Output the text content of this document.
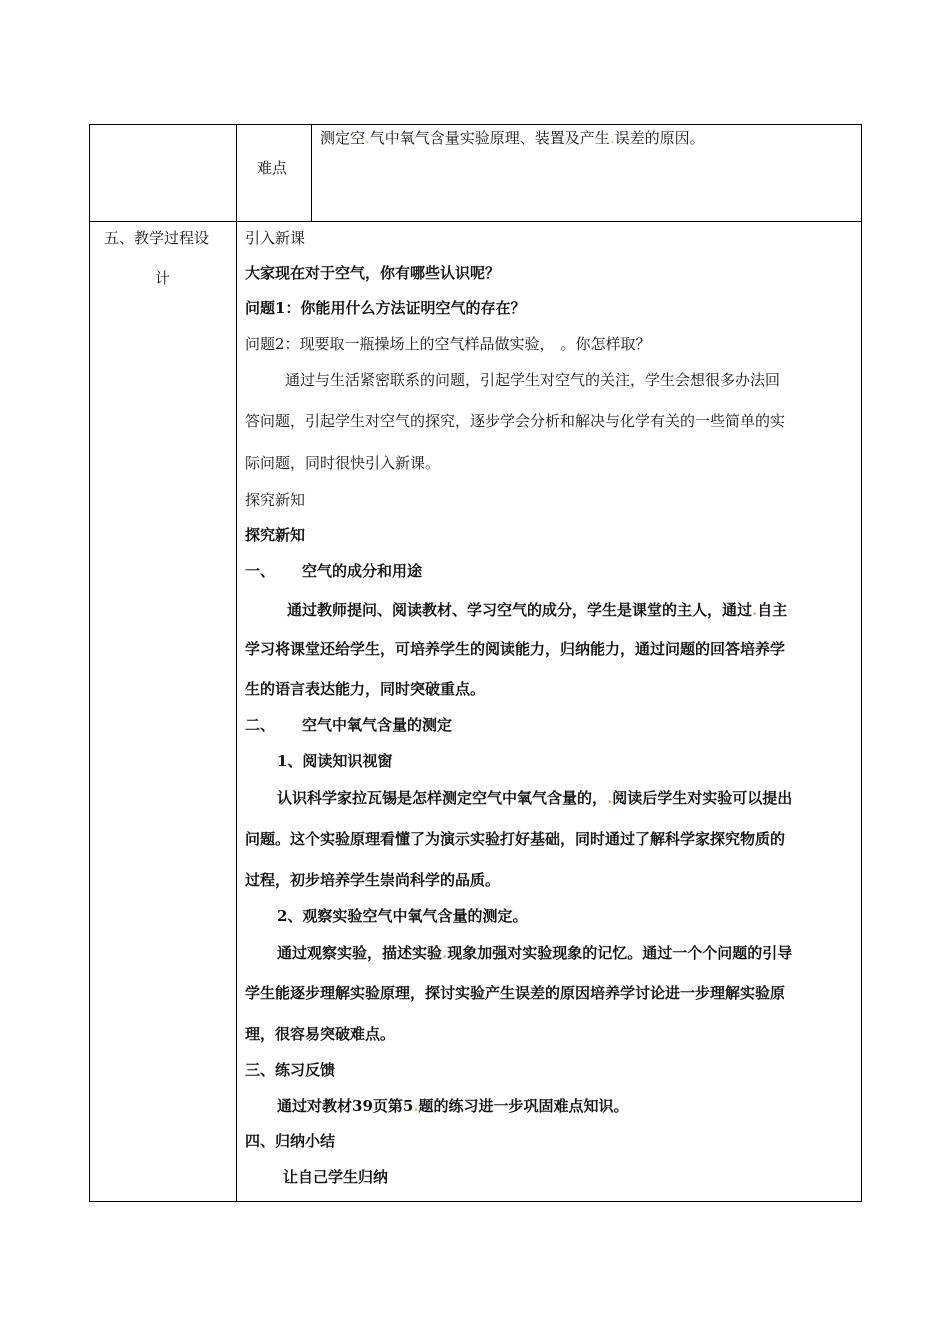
难点
测定空.气中氧气含量实验原理、装置及产生.误差的原因。
五、教学过程设
计
引入新课
大家现在对于空气，你有哪些认识呢？
问题1：你能用什么方法证明空气的存在？
问题2：现要取一瓶操场上的空气样品做实验， 。你怎样取？
通过与生活紧密联系的问题，引起学生对空气的关注，学生会想很多办法回
答问题，引起学生对空气的探究，逐步学会分析和解决与化学有关的一些简单的实
际问题，同时很快引入新课。
探究新知
探究新知
一、 空气的成分和用途
通过教师提问、阅读教材、学习空气的成分，学生是课堂的主人，通过.自主
学习将课堂还给学生，可培养学生的阅读能力，归纳能力，通过问题的回答培养学
生的语言表达能力，同时突破重点。
二、 空气中氧气含量的测定
1、阅读知识视窗
认识科学家拉瓦锡是怎样测定空气中氧气含量的，.阅读后学生对实验可以提出
问题。这个实验原理看懂了为演示实验打好基础，同时通过了解科学家探究物质的
过程，初步培养学生崇尚科学的品质。
2、观察实验空气中氧气含量的测定。
通过观察实验，描述实验.现象加强对实验现象的记忆。通过一个个问题的引导
学生能逐步理解实验原理，探讨实验产生误差的原因培养学讨论进一步理解实验原
理，很容易突破难点。
三、练习反馈
通过对教材39页第5.题的练习进一步巩固难点知识。
四、归纳小结
让自己学生归纳
